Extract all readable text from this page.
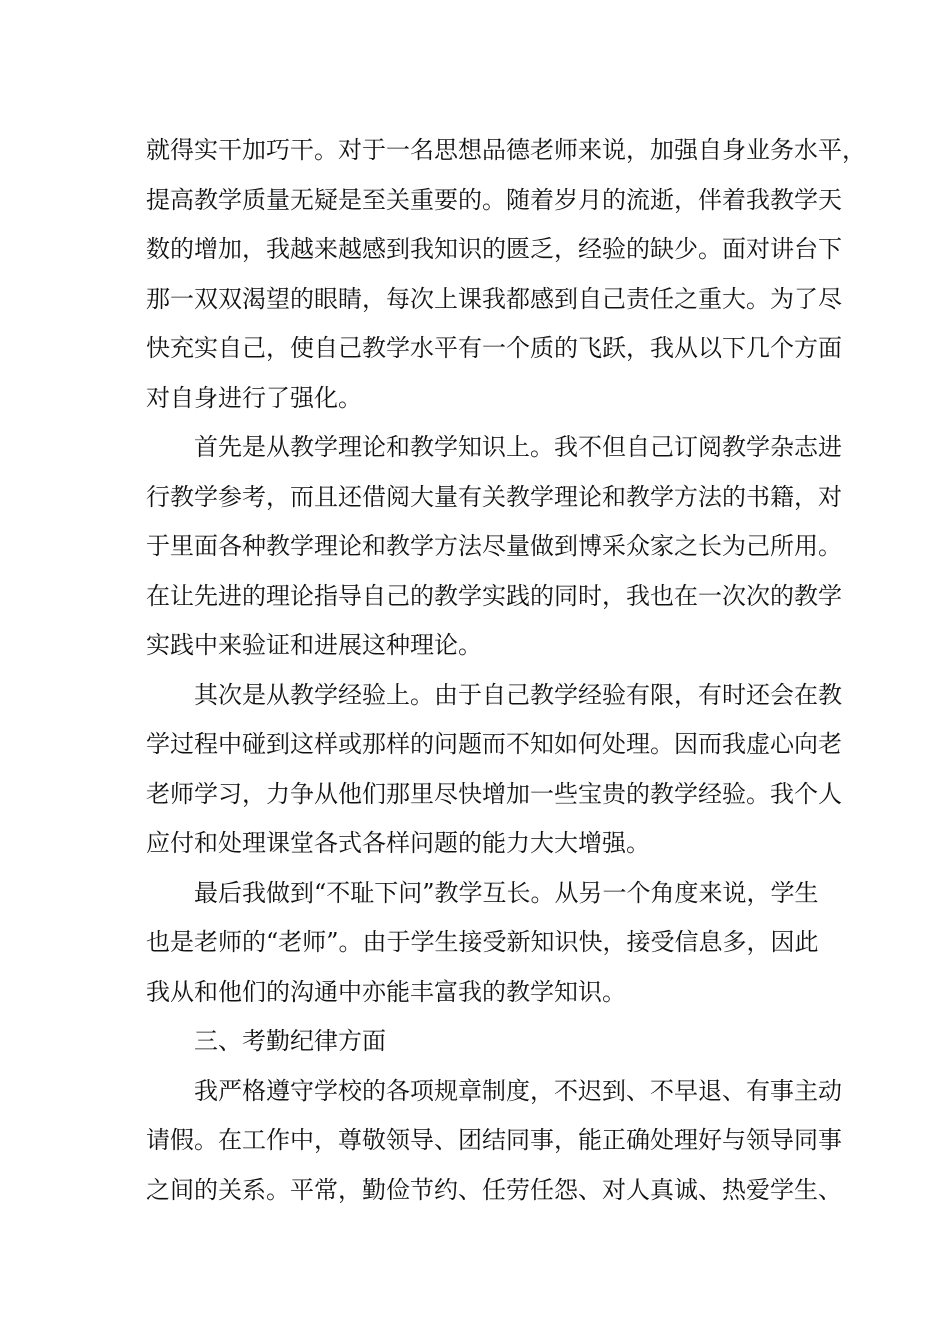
就得实干加巧干。对于一名思想品德老师来说，加强自身业务水平，
提高教学质量无疑是至关重要的。随着岁月的流逝，伴着我教学天
数的增加，我越来越感到我知识的匮乏，经验的缺少。面对讲台下
那一双双渴望的眼睛，每次上课我都感到自己责任之重大。为了尽
快充实自己，使自己教学水平有一个质的飞跃，我从以下几个方面
对自身进行了强化。
首先是从教学理论和教学知识上。我不但自己订阅教学杂志进
行教学参考，而且还借阅大量有关教学理论和教学方法的书籍，对
于里面各种教学理论和教学方法尽量做到博采众家之长为己所用。
在让先进的理论指导自己的教学实践的同时，我也在一次次的教学
实践中来验证和进展这种理论。
其次是从教学经验上。由于自己教学经验有限，有时还会在教
学过程中碰到这样或那样的问题而不知如何处理。因而我虚心向老
老师学习，力争从他们那里尽快增加一些宝贵的教学经验。我个人
应付和处理课堂各式各样问题的能力大大增强。
最后我做到“不耻下问”教学互长。从另一个角度来说，学生
也是老师的“老师”。由于学生接受新知识快，接受信息多，因此
我从和他们的沟通中亦能丰富我的教学知识。
三、考勤纪律方面
我严格遵守学校的各项规章制度，不迟到、不早退、有事主动
请假。在工作中，尊敬领导、团结同事，能正确处理好与领导同事
之间的关系。平常，勤俭节约、任劳任怨、对人真诚、热爱学生、
